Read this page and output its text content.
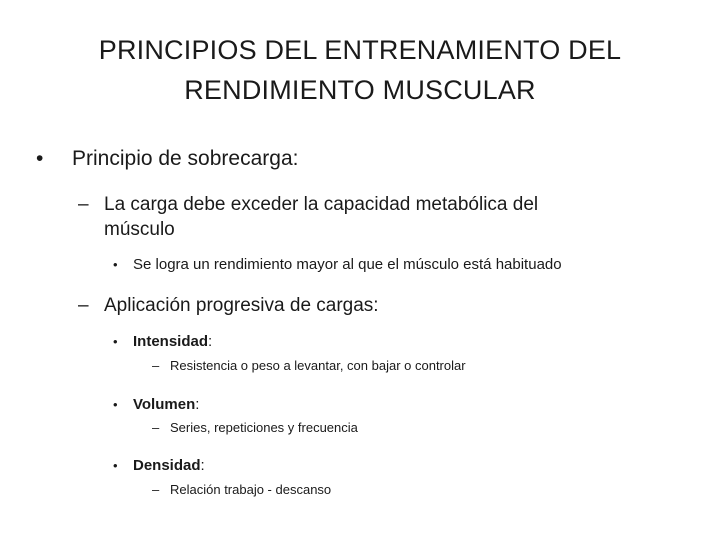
PRINCIPIOS DEL ENTRENAMIENTO DEL
RENDIMIENTO MUSCULAR
• Principio de sobrecarga:
– La carga debe exceder la capacidad metabólica del
músculo
• Se logra un rendimiento mayor al que el músculo está habituado
– Aplicación progresiva de cargas:
• Intensidad:
– Resistencia o peso a levantar, con bajar o controlar
• Volumen:
– Series, repeticiones y frecuencia
• Densidad:
– Relación trabajo - descanso
